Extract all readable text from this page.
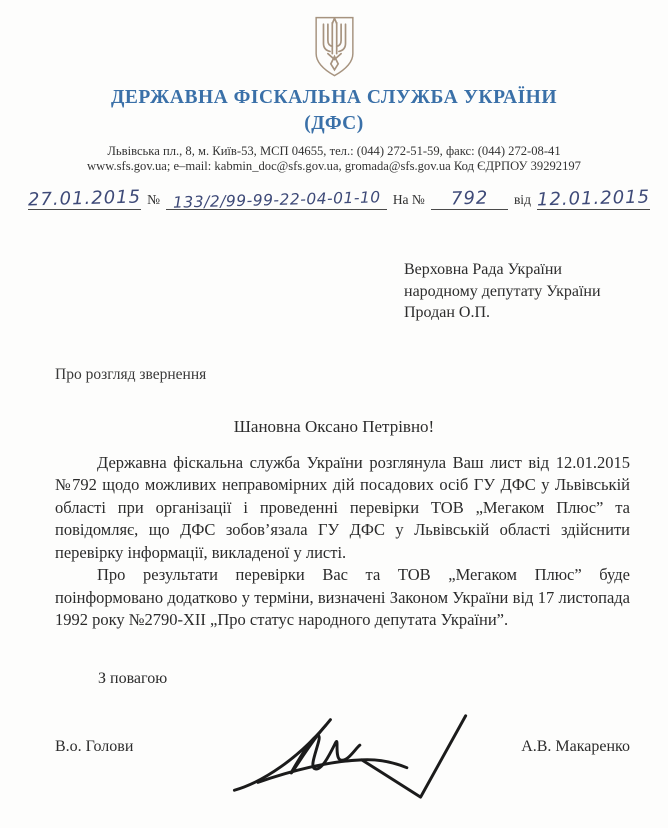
ДЕРЖАВНА ФІСКАЛЬНА СЛУЖБА УКРАЇНИ
(ДФС)
Львівська пл., 8, м. Київ-53, МСП 04655, тел.: (044) 272-51-59, факс: (044) 272-08-41
www.sfs.gov.ua; e–mail: kabmin_doc@sfs.gov.ua, gromada@sfs.gov.ua Код ЄДРПОУ 39292197
27.01.2015 № 133/2/99-99-22-04-01-10 На №	792	від 12.01.2015
Верховна Рада України
народному депутату України
Продан О.П.
Про розгляд звернення
Шановна Оксано Петрівно!

Державна фіскальна служба України розглянула Ваш лист від 12.01.2015 №792 щодо можливих неправомірних дій посадових осіб ГУ ДФС у Львівській області при організації і проведенні перевірки ТОВ „Мегаком Плюс” та повідомляє, що ДФС зобов’язала ГУ ДФС у Львівській області здійснити перевірку інформації, викладеної у листі.

Про результати перевірки Вас та ТОВ „Мегаком Плюс” буде поінформовано додатково у терміни, визначені Законом України від 17 листопада 1992 року №2790-ХІІ „Про статус народного депутата України”.

З повагою
В.о. Голови	А.В. Макаренко
